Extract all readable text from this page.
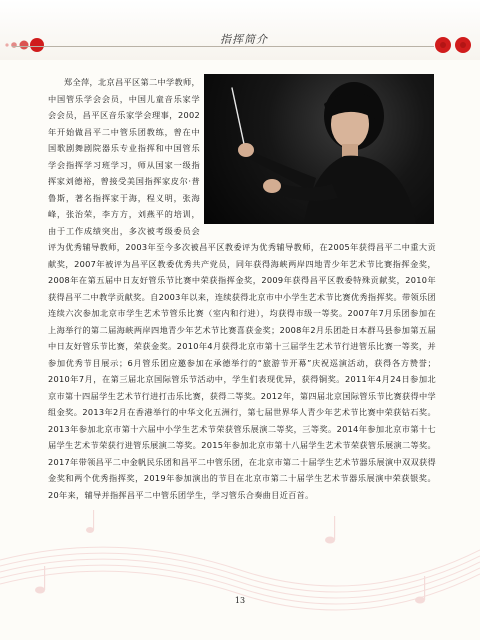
指挥简介

郑全萍，北京昌平区第二中学教师，中国管乐学会会员，中国儿童音乐家学会会员，昌平区音乐家学会理事，2002年开始做昌平二中管乐团教练，曾在中国歌剧舞剧院器乐专业指挥和中国管乐学会指挥学习班学习，师从国家一级指挥家刘德裕，曾接受美国指挥家皮尔·普鲁斯，著名指挥家于海，程义明，张海峰，张治荣，李方方，刘燕平的培训，由于工作成绩突出，多次被考级委员会评为优秀辅导教师，2003年至今多次被昌平区教委评为优秀辅导教师，在2005年获得昌平二中重大贡献奖，2007年被评为昌平区教委优秀共产党员，同年获得海峡两岸四地青少年艺术节比赛指挥金奖，2008年在第五届中日友好管乐节比赛中荣获指挥金奖，2009年获得昌平区教委特殊贡献奖，2010年获得昌平二中教学贡献奖。自2003年以来，连续获得北京市中小学生艺术节比赛优秀指挥奖。带领乐团连续六次参加北京市学生艺术节管乐比赛（室内和行进），均获得市级一等奖。2007年7月乐团参加在上海举行的第二届海峡两岸四地青少年艺术节比赛喜获金奖；2008年2月乐团赴日本群马县参加第五届中日友好管乐节比赛，荣获金奖。2010年4月获得北京市第十三届学生艺术节行进管乐比赛一等奖，并参加优秀节目展示；6月管乐团应邀参加在承德举行的“旅游节开幕”庆祝巡演活动，获得各方赞誉；2010年7月，在第三届北京国际管乐节活动中，学生们表现优异，获得铜奖。2011年4月24日参加北京市第十四届学生艺术节行进打击乐比赛，获得二等奖。2012年，第四届北京国际管乐节比赛获得中学组金奖。2013年2月在香港举行的中华文化五洲行，第七届世界华人青少年艺术节比赛中荣获钻石奖。2013年参加北京市第十六届中小学生艺术节荣获管乐展演二等奖，三等奖。2014年参加北京市第十七届学生艺术节荣获行进管乐展演二等奖。2015年参加北京市第十八届学生艺术节荣获管乐展演二等奖。2017年带领昌平二中金帆民乐团和昌平二中管乐团，在北京市第二十届学生艺术节器乐展演中双双获得金奖和两个优秀指挥奖，2019年参加演出的节目在北京市第二十届学生艺术节器乐展演中荣获银奖。20年来，辅导并指挥昌平二中管乐团学生，学习管乐合奏曲目近百首。

13
